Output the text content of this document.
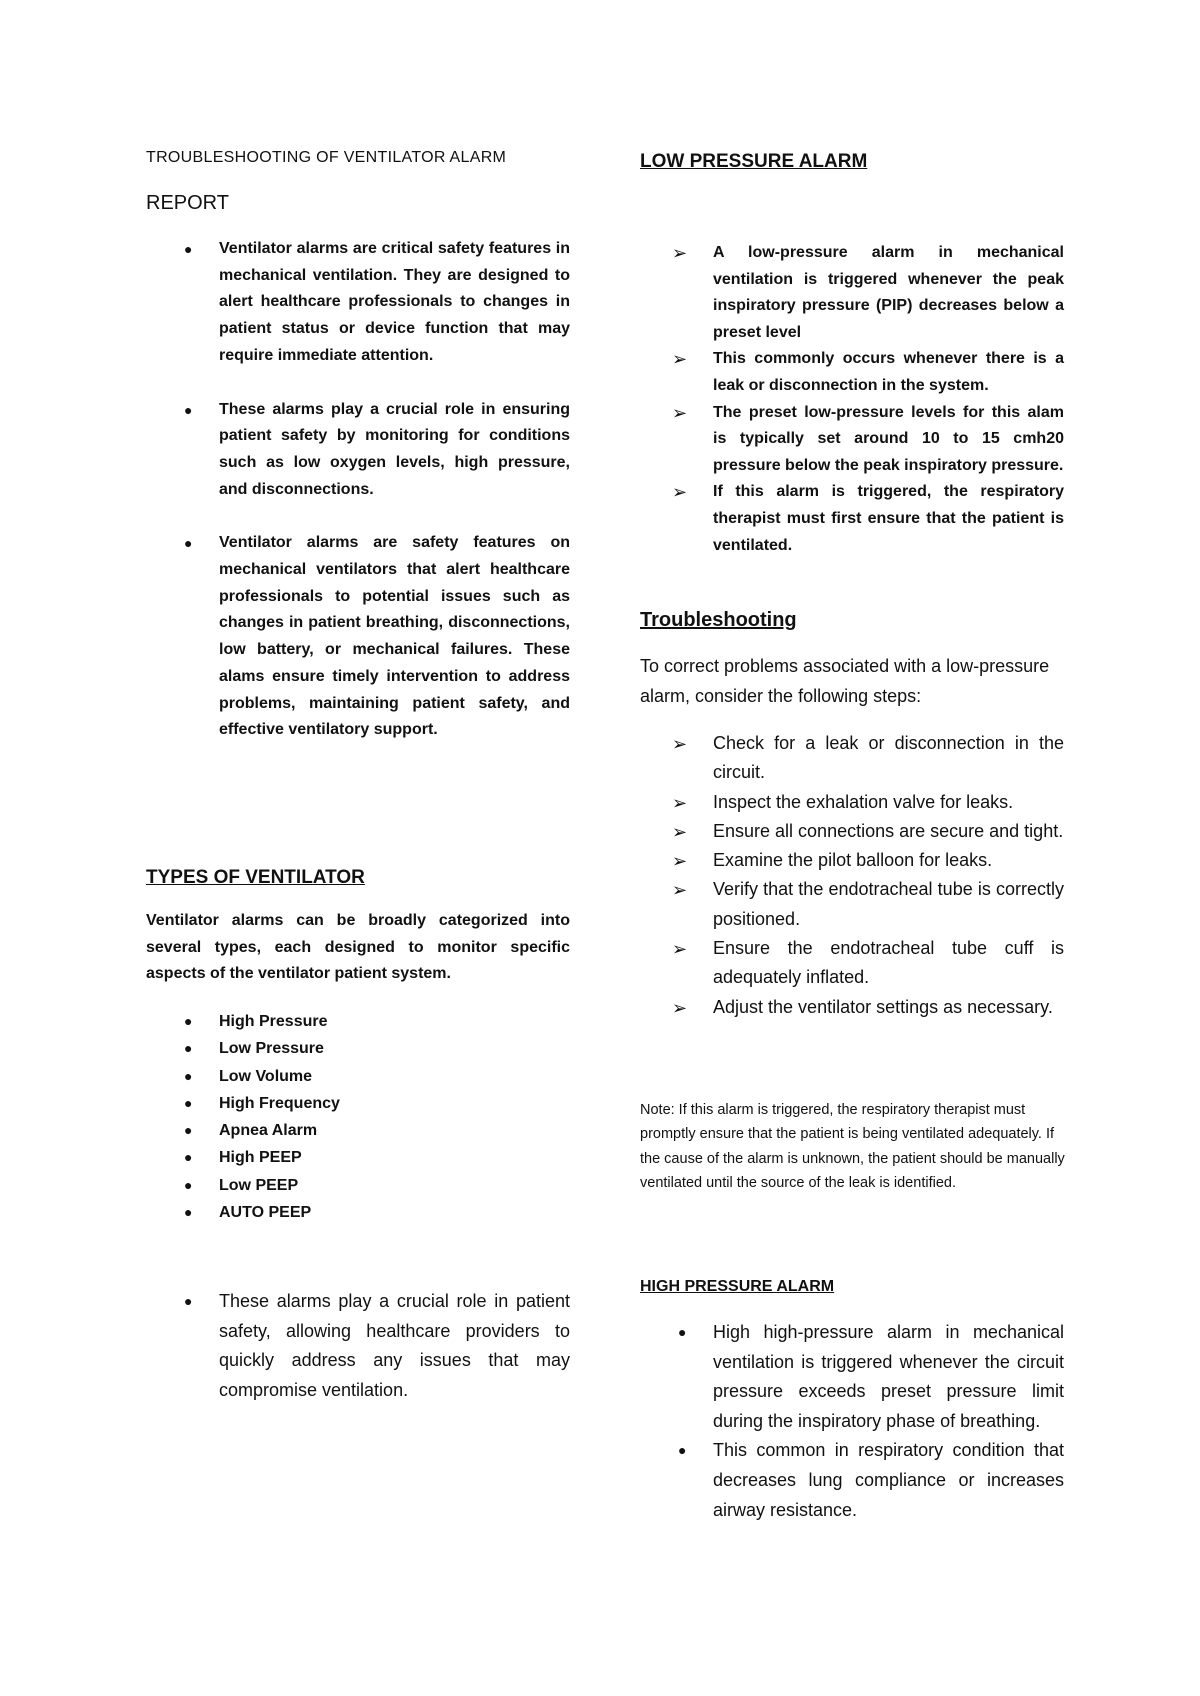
TROUBLESHOOTING OF VENTILATOR ALARM
REPORT
● Ventilator alarms are critical safety features in mechanical ventilation. They are designed to alert healthcare professionals to changes in patient status or device function that may require immediate attention.
● These alarms play a crucial role in ensuring patient safety by monitoring for conditions such as low oxygen levels, high pressure, and disconnections.
● Ventilator alarms are safety features on mechanical ventilators that alert healthcare professionals to potential issues such as changes in patient breathing, disconnections, low battery, or mechanical failures. These alams ensure timely intervention to address problems, maintaining patient safety, and effective ventilatory support.
TYPES OF VENTILATOR

Ventilator alarms can be broadly categorized into several types, each designed to monitor specific aspects of the ventilator patient system.

● High Pressure
● Low Pressure
● Low Volume
● High Frequency
● Apnea Alarm
● High PEEP
● Low PEEP
● AUTO PEEP
● These alarms play a crucial role in patient safety, allowing healthcare providers to quickly address any issues that may compromise ventilation.
LOW PRESSURE ALARM
➢ A low-pressure alarm in mechanical ventilation is triggered whenever the peak inspiratory pressure (PIP) decreases below a preset level
➢ This commonly occurs whenever there is a leak or disconnection in the system.
➢ The preset low-pressure levels for this alam is typically set around 10 to 15 cmh20 pressure below the peak inspiratory pressure.
➢ If this alarm is triggered, the respiratory therapist must first ensure that the patient is ventilated.
Troubleshooting

To correct problems associated with a low-pressure alarm, consider the following steps:

➢ Check for a leak or disconnection in the circuit.
➢ Inspect the exhalation valve for leaks.
➢ Ensure all connections are secure and tight.
➢ Examine the pilot balloon for leaks.
➢ Verify that the endotracheal tube is correctly positioned.
➢ Ensure the endotracheal tube cuff is adequately inflated.
➢ Adjust the ventilator settings as necessary.

Note: If this alarm is triggered, the respiratory therapist must promptly ensure that the patient is being ventilated adequately. If the cause of the alarm is unknown, the patient should be manually ventilated until the source of the leak is identified.

HIGH PRESSURE ALARM
● High high-pressure alarm in mechanical ventilation is triggered whenever the circuit pressure exceeds preset pressure limit during the inspiratory phase of breathing.
● This common in respiratory condition that decreases lung compliance or increases airway resistance.
